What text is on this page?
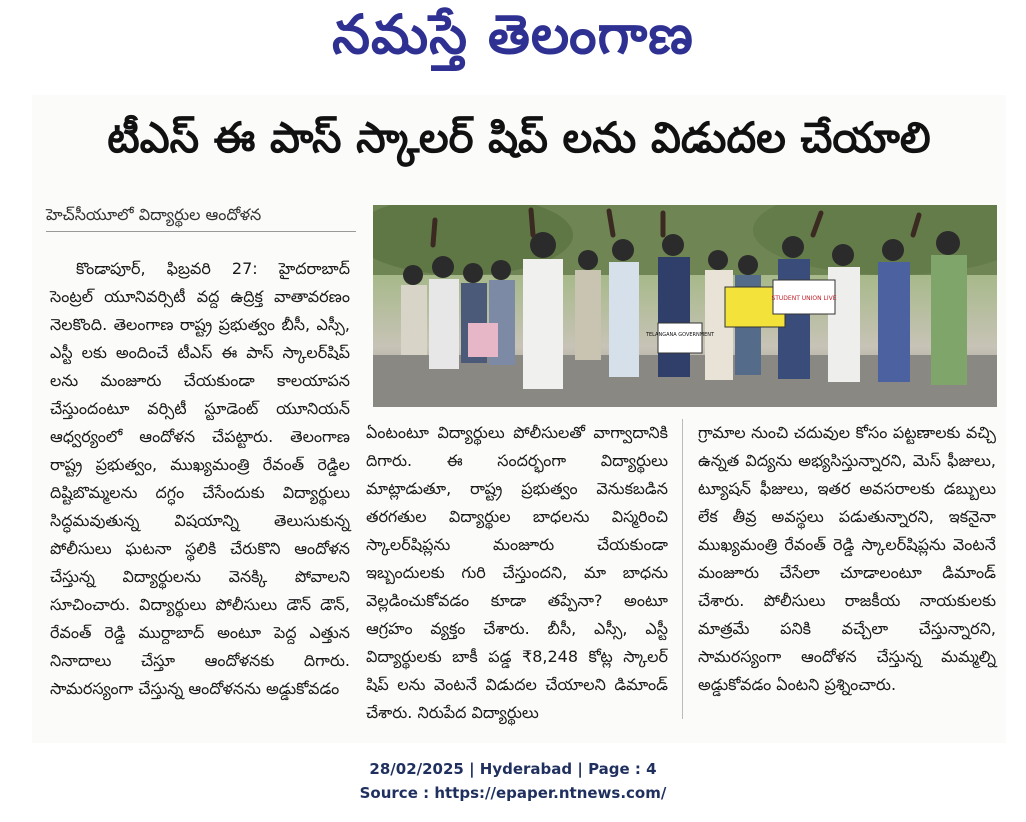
నమస్తే తెలంగాణ
టీఎస్ ఈ పాస్ స్కాలర్ షిప్ లను విడుదల చేయాలి
హెచ్‌సీయూలో విద్యార్థుల ఆందోళన
TELANGANA GOVERNMENT
STUDENT UNION LIVE
కొండాపూర్, ఫిబ్రవరి 27: హైదరాబాద్ సెంట్రల్ యూనివర్సిటీ వద్ద ఉద్రిక్త వాతావరణం నెలకొంది. తెలంగాణ రాష్ట్ర ప్రభుత్వం బీసీ, ఎస్సీ, ఎస్టీ లకు అందించే టీఎస్ ఈ పాస్ స్కాలర్‌షిప్ లను మంజూరు చేయకుండా కాలయాపన చేస్తుందంటూ వర్సిటీ స్టూడెంట్ యూనియన్ ఆధ్వర్యంలో ఆందోళన చేపట్టారు. తెలంగాణ రాష్ట్ర ప్రభుత్వం, ముఖ్యమంత్రి రేవంత్ రెడ్డిల దిష్టిబొమ్మలను దగ్ధం చేసేందుకు విద్యార్థులు సిద్ధమవుతున్న విషయాన్ని తెలుసుకున్న పోలీసులు ఘటనా స్థలికి చేరుకొని ఆందోళన చేస్తున్న విద్యార్థులను వెనక్కి పోవాలని సూచించారు. విద్యార్థులు పోలీసులు డౌన్ డౌన్, రేవంత్ రెడ్డి ముర్దాబాద్ అంటూ పెద్ద ఎత్తున నినాదాలు చేస్తూ ఆందోళనకు దిగారు. సామరస్యంగా చేస్తున్న ఆందోళనను అడ్డుకోవడం
ఏంటంటూ విద్యార్థులు పోలీసులతో వాగ్వాదానికి దిగారు. ఈ సందర్భంగా విద్యార్థులు మాట్లాడుతూ, రాష్ట్ర ప్రభుత్వం వెనుకబడిన తరగతుల విద్యార్థుల బాధలను విస్మరించి స్కాలర్‌షిప్లను మంజూరు చేయకుండా ఇబ్బందులకు గురి చేస్తుందని, మా బాధను వెల్లడించుకోవడం కూడా తప్పేనా? అంటూ ఆగ్రహం వ్యక్తం చేశారు. బీసీ, ఎస్సీ, ఎస్టీ విద్యార్థులకు బాకీ పడ్డ ₹8,248 కోట్ల స్కాలర్ షిప్ లను వెంటనే విడుదల చేయాలని డిమాండ్ చేశారు. నిరుపేద విద్యార్థులు
గ్రామాల నుంచి చదువుల కోసం పట్టణాలకు వచ్చి ఉన్నత విద్యను అభ్యసిస్తున్నారని, మెస్ ఫీజులు, ట్యూషన్ ఫీజులు, ఇతర అవసరాలకు డబ్బులు లేక తీవ్ర అవస్థలు పడుతున్నారని, ఇకనైనా ముఖ్యమంత్రి రేవంత్ రెడ్డి స్కాలర్‌షిప్లను వెంటనే మంజూరు చేసేలా చూడాలంటూ డిమాండ్ చేశారు. పోలీసులు రాజకీయ నాయకులకు మాత్రమే పనికి వచ్చేలా చేస్తున్నారని, సామరస్యంగా ఆందోళన చేస్తున్న మమ్మల్ని అడ్డుకోవడం ఏంటని ప్రశ్నించారు.
28/02/2025 | Hyderabad | Page : 4
Source : https://epaper.ntnews.com/
